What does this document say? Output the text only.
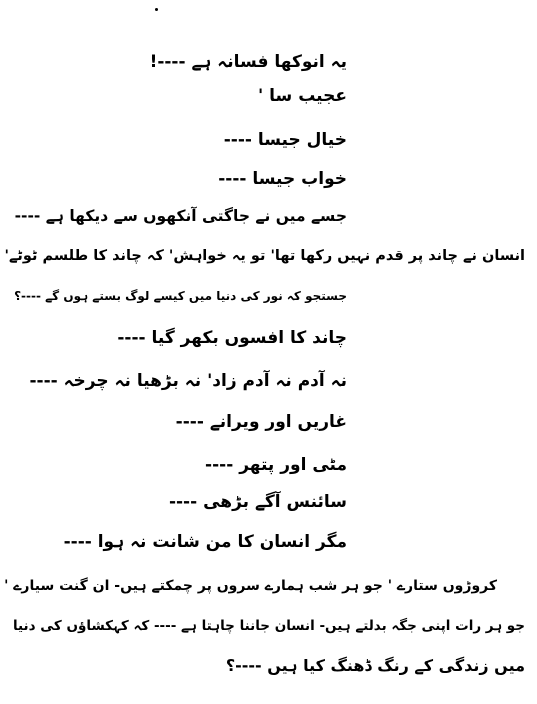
یہ انوکھا فسانہ ہے ----!
عجیب سا '
خیال جیسا ----
خواب جیسا ----
جسے میں نے جاگتی آنکھوں سے دیکھا ہے ----
انسان نے چاند پر قدم نہیں رکھا تھا' تو یہ خواہش' کہ چاند کا طلسم ٹوٹے'
جستجو کہ نور کی دنیا میں کیسے لوگ بستے ہوں گے ----؟
چاند کا افسوں بکھر گیا ----
نہ آدم نہ آدم زاد' نہ بڑھیا نہ چرخہ ----
غاریں اور ویرانے ----
مٹی اور پتھر ----
سائنس آگے بڑھی ----
مگر انسان کا من شانت نہ ہوا ----
کروڑوں ستارے ' جو ہر شب ہمارے سروں پر چمکتے ہیں- ان گنت سیارے '
جو ہر رات اپنی جگہ بدلتے ہیں- انسان جاننا چاہتا ہے ---- کہ کہکشاؤں کی دنیا
میں زندگی کے رنگ ڈھنگ کیا ہیں ----؟
